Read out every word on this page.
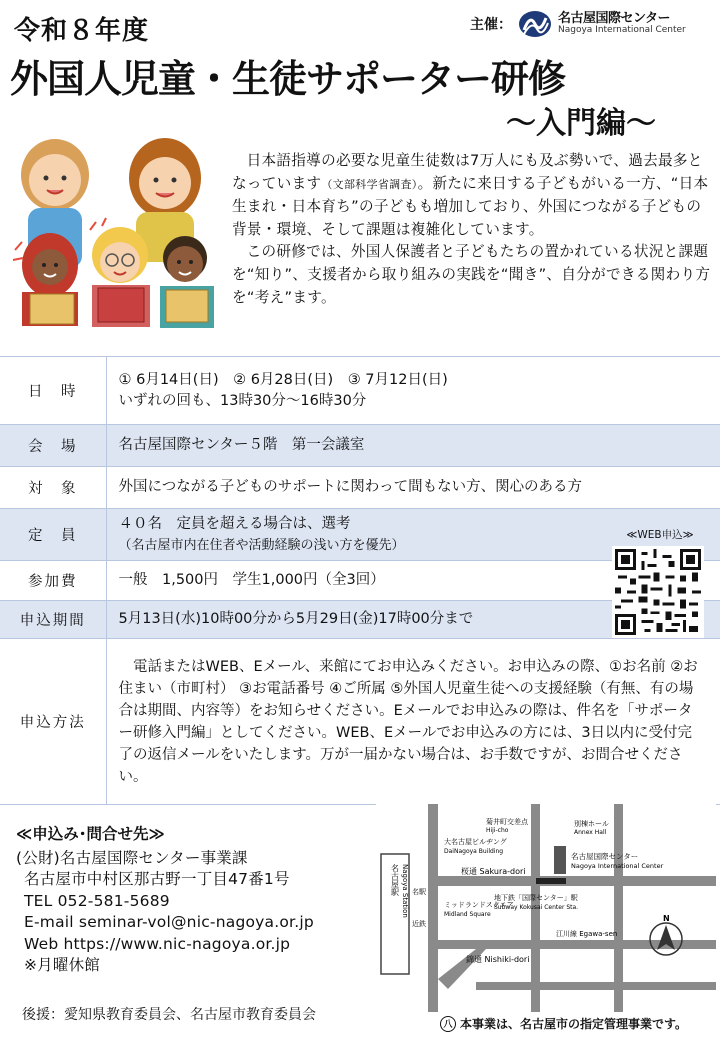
令和８年度	主催：	名古屋国際センター
Nagoya International Center
外国人児童・生徒サポーター研修
～入門編～

日本語指導の必要な児童生徒数は7万人にも及ぶ勢いで、過去最多となっています（文部科学省調査）。新たに来日する子どもがいる一方、“日本生まれ・日本育ち”の子どもも増加しており、外国につながる子どもの背景・環境、そして課題は複雑化しています。

この研修では、外国人保護者と子どもたちの置かれている状況と課題を“知り”、支援者から取り組みの実践を“聞き”、自分ができる関わり方を“考え”ます。

日　時	① 6月14日(日)　② 6月28日(日)　③ 7月12日(日)
いずれの回も、13時30分～16時30分

会　場	名古屋国際センター５階　第一会議室
対　象	外国につながる子どものサポートに関わって間もない方、関心のある方
定　員	４０名　定員を超える場合は、選考
（名古屋市内在住者や活動経験の浅い方を優先）

参加費	一般　1,500円　学生1,000円（全3回）
申込期間	5月13日(水)10時00分から5月29日(金)17時00分まで
申込方法	電話またはWEB、Eメール、来館にてお申込みください。お申込みの際、①お名前 ②お住まい（市町村） ③お電話番号 ④ご所属 ⑤外国人児童生徒への支援経験（有無、有の場合は期間、内容等）をお知らせください。Eメールでお申込みの際は、件名を「サポーター研修入門編」としてください。WEB、Eメールでお申込みの方には、3日以内に受付完了の返信メールをいたします。万が一届かない場合は、お手数ですが、お問合せください。
≪WEB申込≫
≪申込み･問合せ先≫
(公財)名古屋国際センター事業課
名古屋市中村区那古野一丁目47番1号
TEL 052-581-5689
E-mail seminar-vol@nic-nagoya.or.jp
Web https://www.nic-nagoya.or.jp
※月曜休館
後援：愛知県教育委員会、名古屋市教育委員会
名古屋駅 Nagoya Station	桜通 Sakura-dori
錦通 Nishiki-dori
大名古屋ビルヂング
DaiNagoya Building
ミッドランドスクエア
Midland Square
菊井町交差点
Hiji-cho
別棟ホール
Annex Hall
名古屋国際センター
Nagoya International Center
地下鉄「国際センター」駅
Subway Kokusai Center Sta.
江川線 Egawa-sen
名駅
近鉄
N
八 本事業は、名古屋市の指定管理事業です。
